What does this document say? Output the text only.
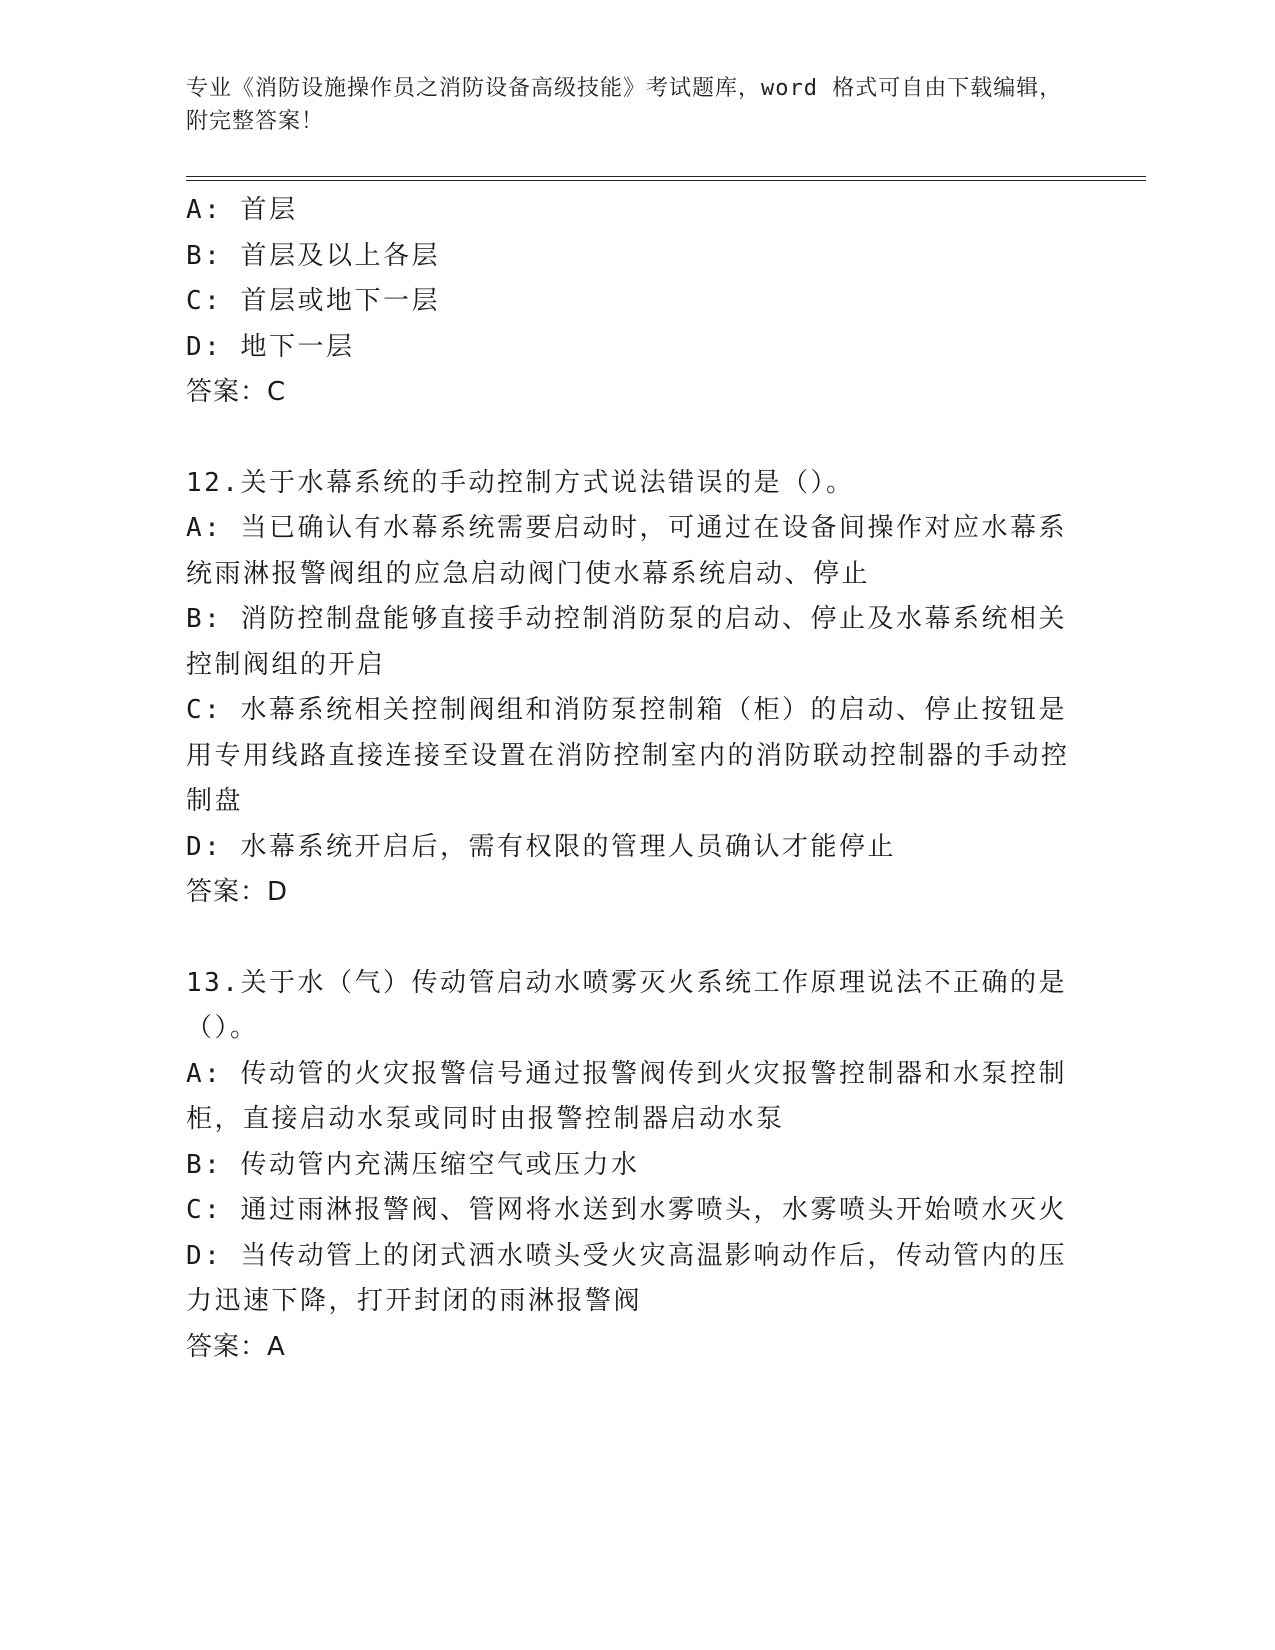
专业《消防设施操作员之消防设备高级技能》考试题库，word 格式可自由下载编辑，附完整答案！
A: 首层
B: 首层及以上各层
C: 首层或地下一层
D: 地下一层
答案：C
12.关于水幕系统的手动控制方式说法错误的是（）。
A: 当已确认有水幕系统需要启动时，可通过在设备间操作对应水幕系统雨淋报警阀组的应急启动阀门使水幕系统启动、停止
B: 消防控制盘能够直接手动控制消防泵的启动、停止及水幕系统相关控制阀组的开启
C: 水幕系统相关控制阀组和消防泵控制箱（柜）的启动、停止按钮是用专用线路直接连接至设置在消防控制室内的消防联动控制器的手动控制盘
D: 水幕系统开启后，需有权限的管理人员确认才能停止
答案：D
13.关于水（气）传动管启动水喷雾灭火系统工作原理说法不正确的是（）。
A: 传动管的火灾报警信号通过报警阀传到火灾报警控制器和水泵控制柜，直接启动水泵或同时由报警控制器启动水泵
B: 传动管内充满压缩空气或压力水
C: 通过雨淋报警阀、管网将水送到水雾喷头，水雾喷头开始喷水灭火
D: 当传动管上的闭式洒水喷头受火灾高温影响动作后，传动管内的压力迅速下降，打开封闭的雨淋报警阀
答案：A
